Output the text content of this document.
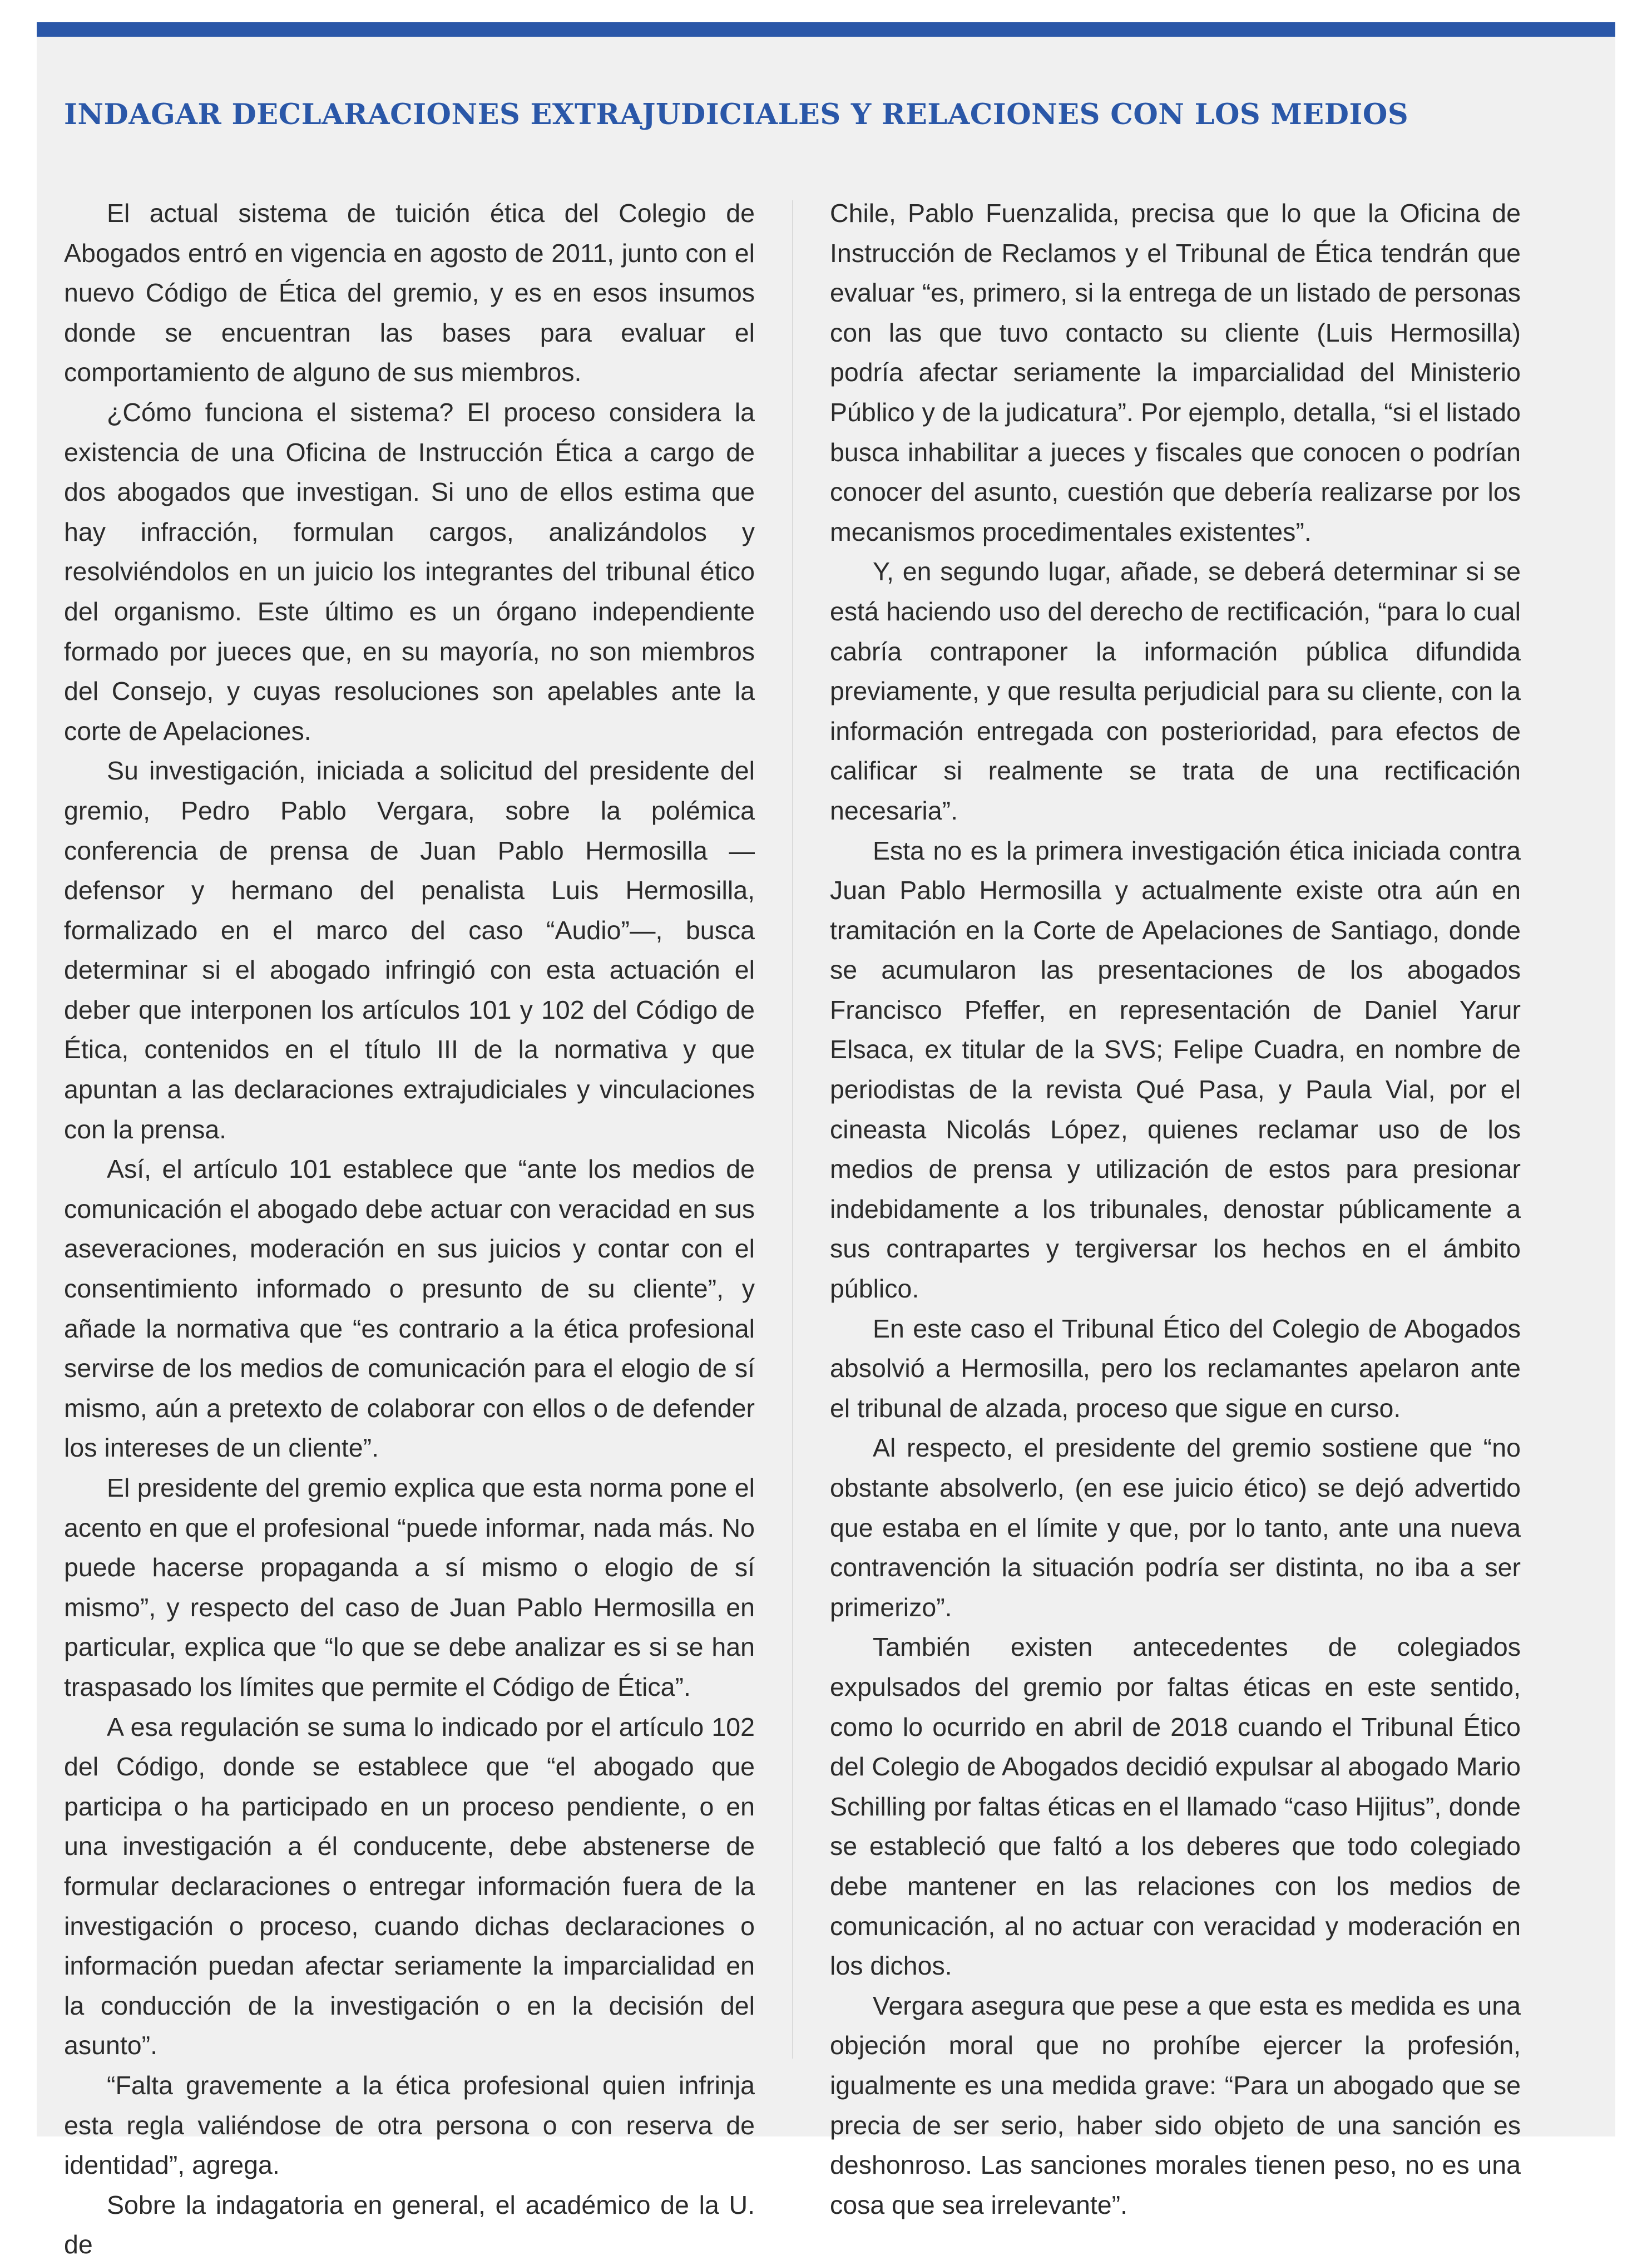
INDAGAR DECLARACIONES EXTRAJUDICIALES Y RELACIONES CON LOS MEDIOS

El actual sistema de tuición ética del Colegio de Abogados entró en vigencia en agosto de 2011, junto con el nuevo Código de Ética del gremio, y es en esos insumos donde se encuentran las bases para evaluar el comportamiento de alguno de sus miembros.

¿Cómo funciona el sistema? El proceso considera la existencia de una Oficina de Instrucción Ética a cargo de dos abogados que investigan. Si uno de ellos estima que hay infracción, formulan cargos, analizándolos y resolviéndolos en un juicio los integrantes del tribunal ético del organismo. Este último es un órgano independiente formado por jueces que, en su mayoría, no son miembros del Consejo, y cuyas resoluciones son apelables ante la corte de Apelaciones.

Su investigación, iniciada a solicitud del presidente del gremio, Pedro Pablo Vergara, sobre la polémica conferencia de prensa de Juan Pablo Hermosilla —defensor y hermano del penalista Luis Hermosilla, formalizado en el marco del caso “Audio”—, busca determinar si el abogado infringió con esta actuación el deber que interponen los artículos 101 y 102 del Código de Ética, contenidos en el título III de la normativa y que apuntan a las declaraciones extrajudiciales y vinculaciones con la prensa.

Así, el artículo 101 establece que “ante los medios de comunicación el abogado debe actuar con veracidad en sus aseveraciones, moderación en sus juicios y contar con el consentimiento informado o presunto de su cliente”, y añade la normativa que “es contrario a la ética profesional servirse de los medios de comunicación para el elogio de sí mismo, aún a pretexto de colaborar con ellos o de defender los intereses de un cliente”.

El presidente del gremio explica que esta norma pone el acento en que el profesional “puede informar, nada más. No puede hacerse propaganda a sí mismo o elogio de sí mismo”, y respecto del caso de Juan Pablo Hermosilla en particular, explica que “lo que se debe analizar es si se han traspasado los límites que permite el Código de Ética”.

A esa regulación se suma lo indicado por el artículo 102 del Código, donde se establece que “el abogado que participa o ha participado en un proceso pendiente, o en una investigación a él conducente, debe abstenerse de formular declaraciones o entregar información fuera de la investigación o proceso, cuando dichas declaraciones o información puedan afectar seriamente la imparcialidad en la conducción de la investigación o en la decisión del asunto”.

“Falta gravemente a la ética profesional quien infrinja esta regla valiéndose de otra persona o con reserva de identidad”, agrega.

Sobre la indagatoria en general, el académico de la U. de

Chile, Pablo Fuenzalida, precisa que lo que la Oficina de Instrucción de Reclamos y el Tribunal de Ética tendrán que evaluar “es, primero, si la entrega de un listado de personas con las que tuvo contacto su cliente (Luis Hermosilla) podría afectar seriamente la imparcialidad del Ministerio Público y de la judicatura”. Por ejemplo, detalla, “si el listado busca inhabilitar a jueces y fiscales que conocen o podrían conocer del asunto, cuestión que debería realizarse por los mecanismos procedimentales existentes”.

Y, en segundo lugar, añade, se deberá determinar si se está haciendo uso del derecho de rectificación, “para lo cual cabría contraponer la información pública difundida previamente, y que resulta perjudicial para su cliente, con la información entregada con posterioridad, para efectos de calificar si realmente se trata de una rectificación necesaria”.

Esta no es la primera investigación ética iniciada contra Juan Pablo Hermosilla y actualmente existe otra aún en tramitación en la Corte de Apelaciones de Santiago, donde se acumularon las presentaciones de los abogados Francisco Pfeffer, en representación de Daniel Yarur Elsaca, ex titular de la SVS; Felipe Cuadra, en nombre de periodistas de la revista Qué Pasa, y Paula Vial, por el cineasta Nicolás López, quienes reclamar uso de los medios de prensa y utilización de estos para presionar indebidamente a los tribunales, denostar públicamente a sus contrapartes y tergiversar los hechos en el ámbito público.

En este caso el Tribunal Ético del Colegio de Abogados absolvió a Hermosilla, pero los reclamantes apelaron ante el tribunal de alzada, proceso que sigue en curso.

Al respecto, el presidente del gremio sostiene que “no obstante absolverlo, (en ese juicio ético) se dejó advertido que estaba en el límite y que, por lo tanto, ante una nueva contravención la situación podría ser distinta, no iba a ser primerizo”.

También existen antecedentes de colegiados expulsados del gremio por faltas éticas en este sentido, como lo ocurrido en abril de 2018 cuando el Tribunal Ético del Colegio de Abogados decidió expulsar al abogado Mario Schilling por faltas éticas en el llamado “caso Hijitus”, donde se estableció que faltó a los deberes que todo colegiado debe mantener en las relaciones con los medios de comunicación, al no actuar con veracidad y moderación en los dichos.

Vergara asegura que pese a que esta es medida es una objeción moral que no prohíbe ejercer la profesión, igualmente es una medida grave: “Para un abogado que se precia de ser serio, haber sido objeto de una sanción es deshonroso. Las sanciones morales tienen peso, no es una cosa que sea irrelevante”.
